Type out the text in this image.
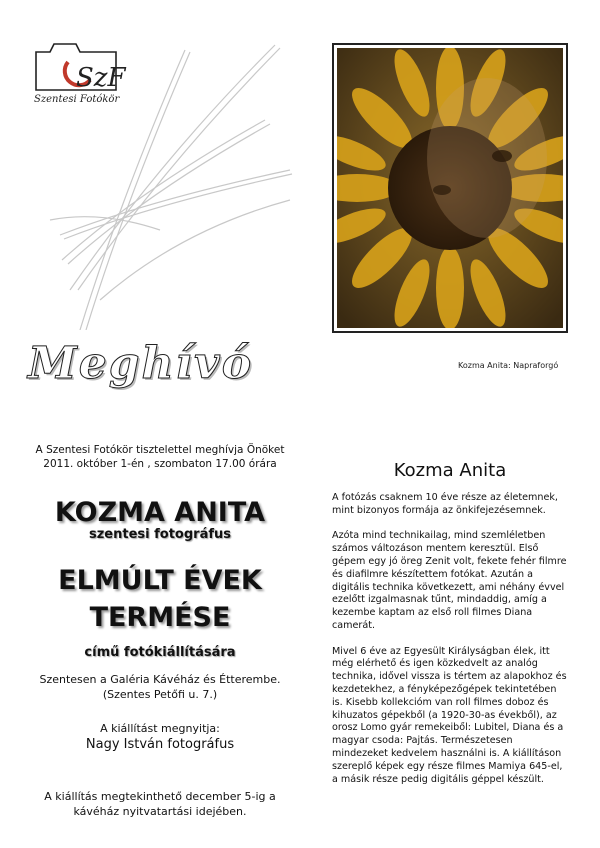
SzF
Szentesi Fotókör
Kozma Anita: Napraforgó
Meghívó
A Szentesi Fotókör tisztelettel meghívja Önöket
2011. október 1-én , szombaton 17.00 órára
KOZMA ANITA
szentesi fotográfus
ELMÚLT ÉVEK
TERMÉSE
című fotókiállítására
Szentesen a Galéria Kávéház és Étterembe.
(Szentes Petőfi u. 7.)
A kiállítást megnyitja:
Nagy István fotográfus
A kiállítás megtekinthető december 5-ig a
kávéház nyitvatartási idejében.
Kozma Anita

A fotózás csaknem 10 éve része az életemnek, mint bizonyos formája az önkifejezésemnek.

Azóta mind technikailag, mind szemléletben számos változáson mentem keresztül. Első gépem egy jó öreg Zenit volt, fekete fehér filmre és diafilmre készítettem fotókat. Azután a digitális technika következett, ami néhány évvel ezelőtt izgalmasnak tűnt, mindaddig, amíg a kezembe kaptam az első roll filmes Diana camerát.

Mivel 6 éve az Egyesült Királyságban élek, itt még elérhető és igen közkedvelt az analóg technika, idővel vissza is tértem az alapokhoz és kezdetekhez, a fényképezőgépek tekintetében is. Kisebb kollekcióm van roll filmes doboz és kihuzatos gépekből (a 1920-30-as évekből), az orosz Lomo gyár remekeiből: Lubitel, Diana és a magyar csoda: Pajtás. Természetesen mindezeket kedvelem használni is. A kiállításon szereplő képek egy része filmes Mamiya 645-el, a másik része pedig digitális géppel készült.
